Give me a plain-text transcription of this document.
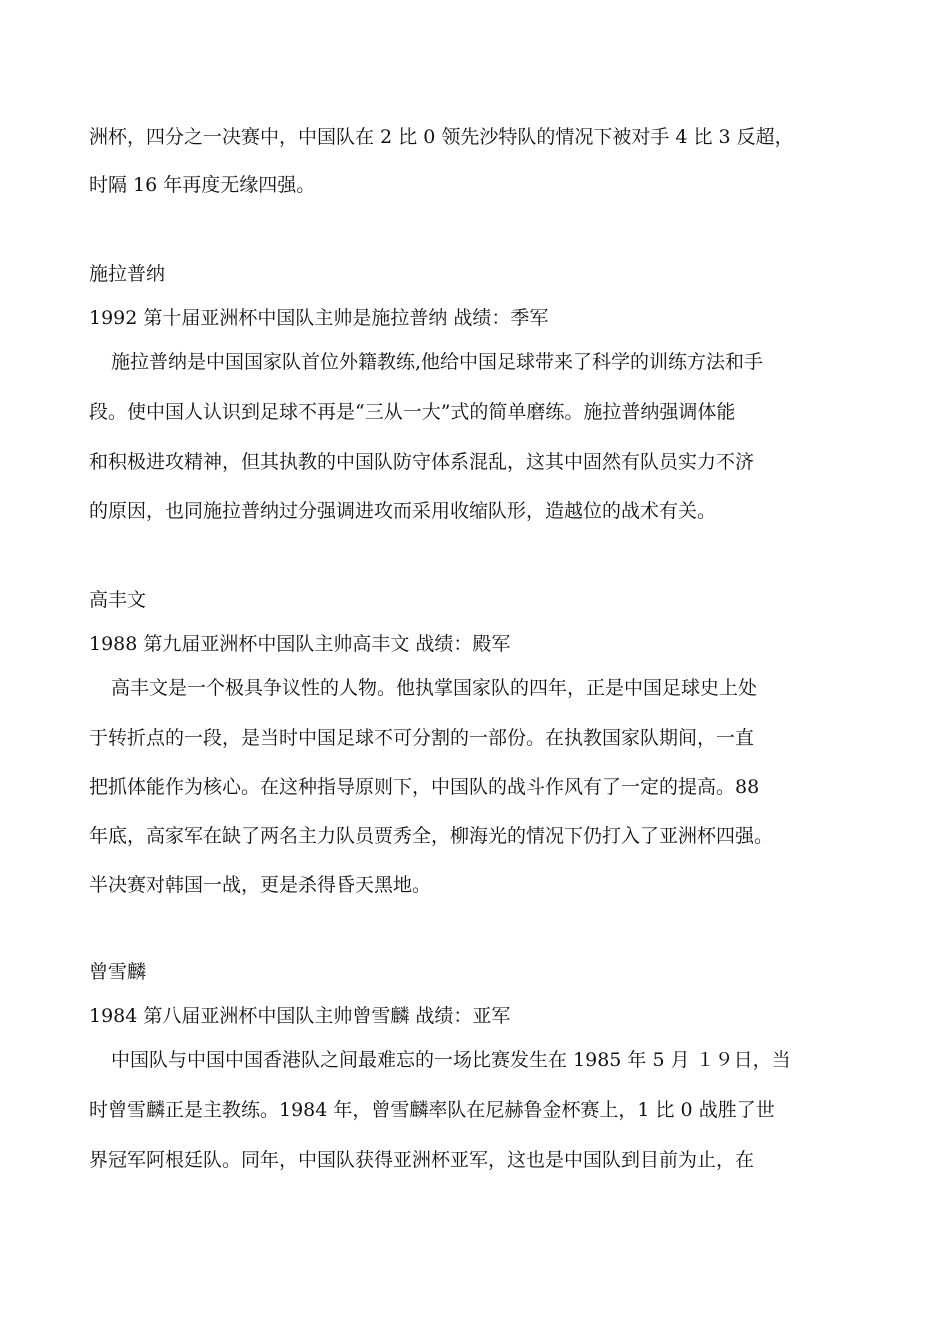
洲杯，四分之一决赛中，中国队在 2 比 0 领先沙特队的情况下被对手 4 比 3 反超，

时隔 16 年再度无缘四强。

施拉普纳

1992 第十届亚洲杯中国队主帅是施拉普纳 战绩：季军

施拉普纳是中国国家队首位外籍教练,他给中国足球带来了科学的训练方法和手

段。使中国人认识到足球不再是“三从一大”式的简单磨练。施拉普纳强调体能

和积极进攻精神，但其执教的中国队防守体系混乱，这其中固然有队员实力不济

的原因，也同施拉普纳过分强调进攻而采用收缩队形，造越位的战术有关。

高丰文

1988 第九届亚洲杯中国队主帅高丰文 战绩：殿军

高丰文是一个极具争议性的人物。他执掌国家队的四年，正是中国足球史上处

于转折点的一段，是当时中国足球不可分割的一部份。在执教国家队期间，一直

把抓体能作为核心。在这种指导原则下，中国队的战斗作风有了一定的提高。88

年底，高家军在缺了两名主力队员贾秀全，柳海光的情况下仍打入了亚洲杯四强。

半决赛对韩国一战，更是杀得昏天黑地。

曾雪麟

1984 第八届亚洲杯中国队主帅曾雪麟 战绩：亚军

中国队与中国中国香港队之间最难忘的一场比赛发生在 1985 年 5 月 １９日，当

时曾雪麟正是主教练。1984 年，曾雪麟率队在尼赫鲁金杯赛上，1 比 0 战胜了世

界冠军阿根廷队。同年，中国队获得亚洲杯亚军，这也是中国队到目前为止，在
